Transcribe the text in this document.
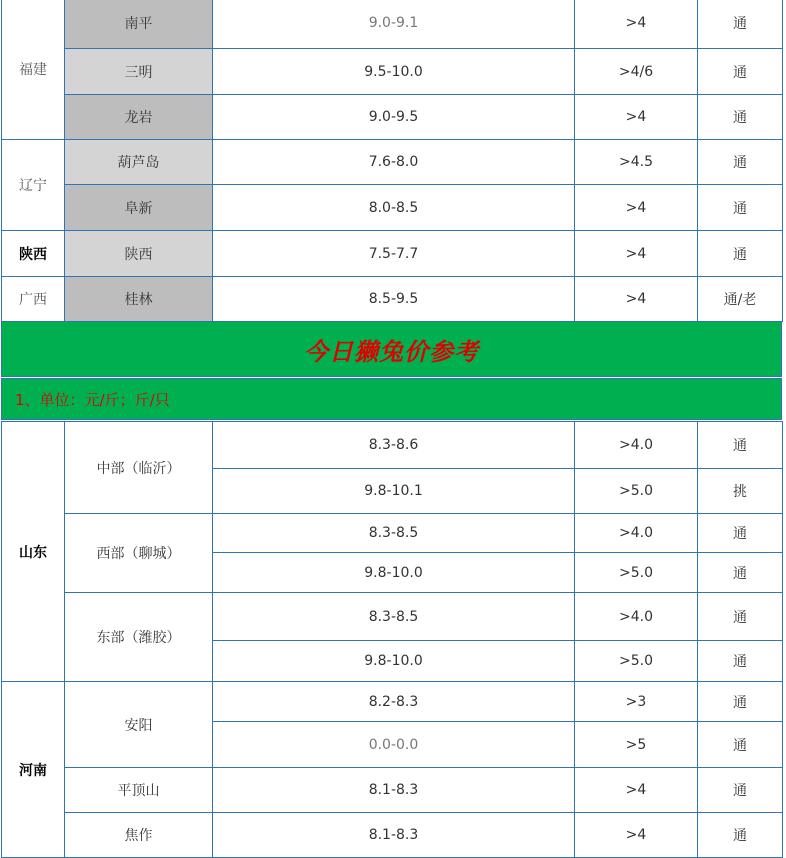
福建	南平	9.0-9.1	>4	通
	三明	9.5-10.0	>4/6	通
	龙岩	9.0-9.5	>4	通
辽宁	葫芦岛	7.6-8.0	>4.5	通
	阜新	8.0-8.5	>4	通
陕西	陕西	7.5-7.7	>4	通
广西	桂林	8.5-9.5	>4	通/老
今日獭兔价参考
1、单位：元/斤；斤/只
山东	中部（临沂）	8.3-8.6	>4.0	通
		9.8-10.1	>5.0	挑
	西部（聊城）	8.3-8.5	>4.0	通
		9.8-10.0	>5.0	通
	东部（潍胶）	8.3-8.5	>4.0	通
		9.8-10.0	>5.0	通
河南	安阳	8.2-8.3	>3	通
		0.0-0.0	>5	通
	平顶山	8.1-8.3	>4	通
	焦作	8.1-8.3	>4	通
